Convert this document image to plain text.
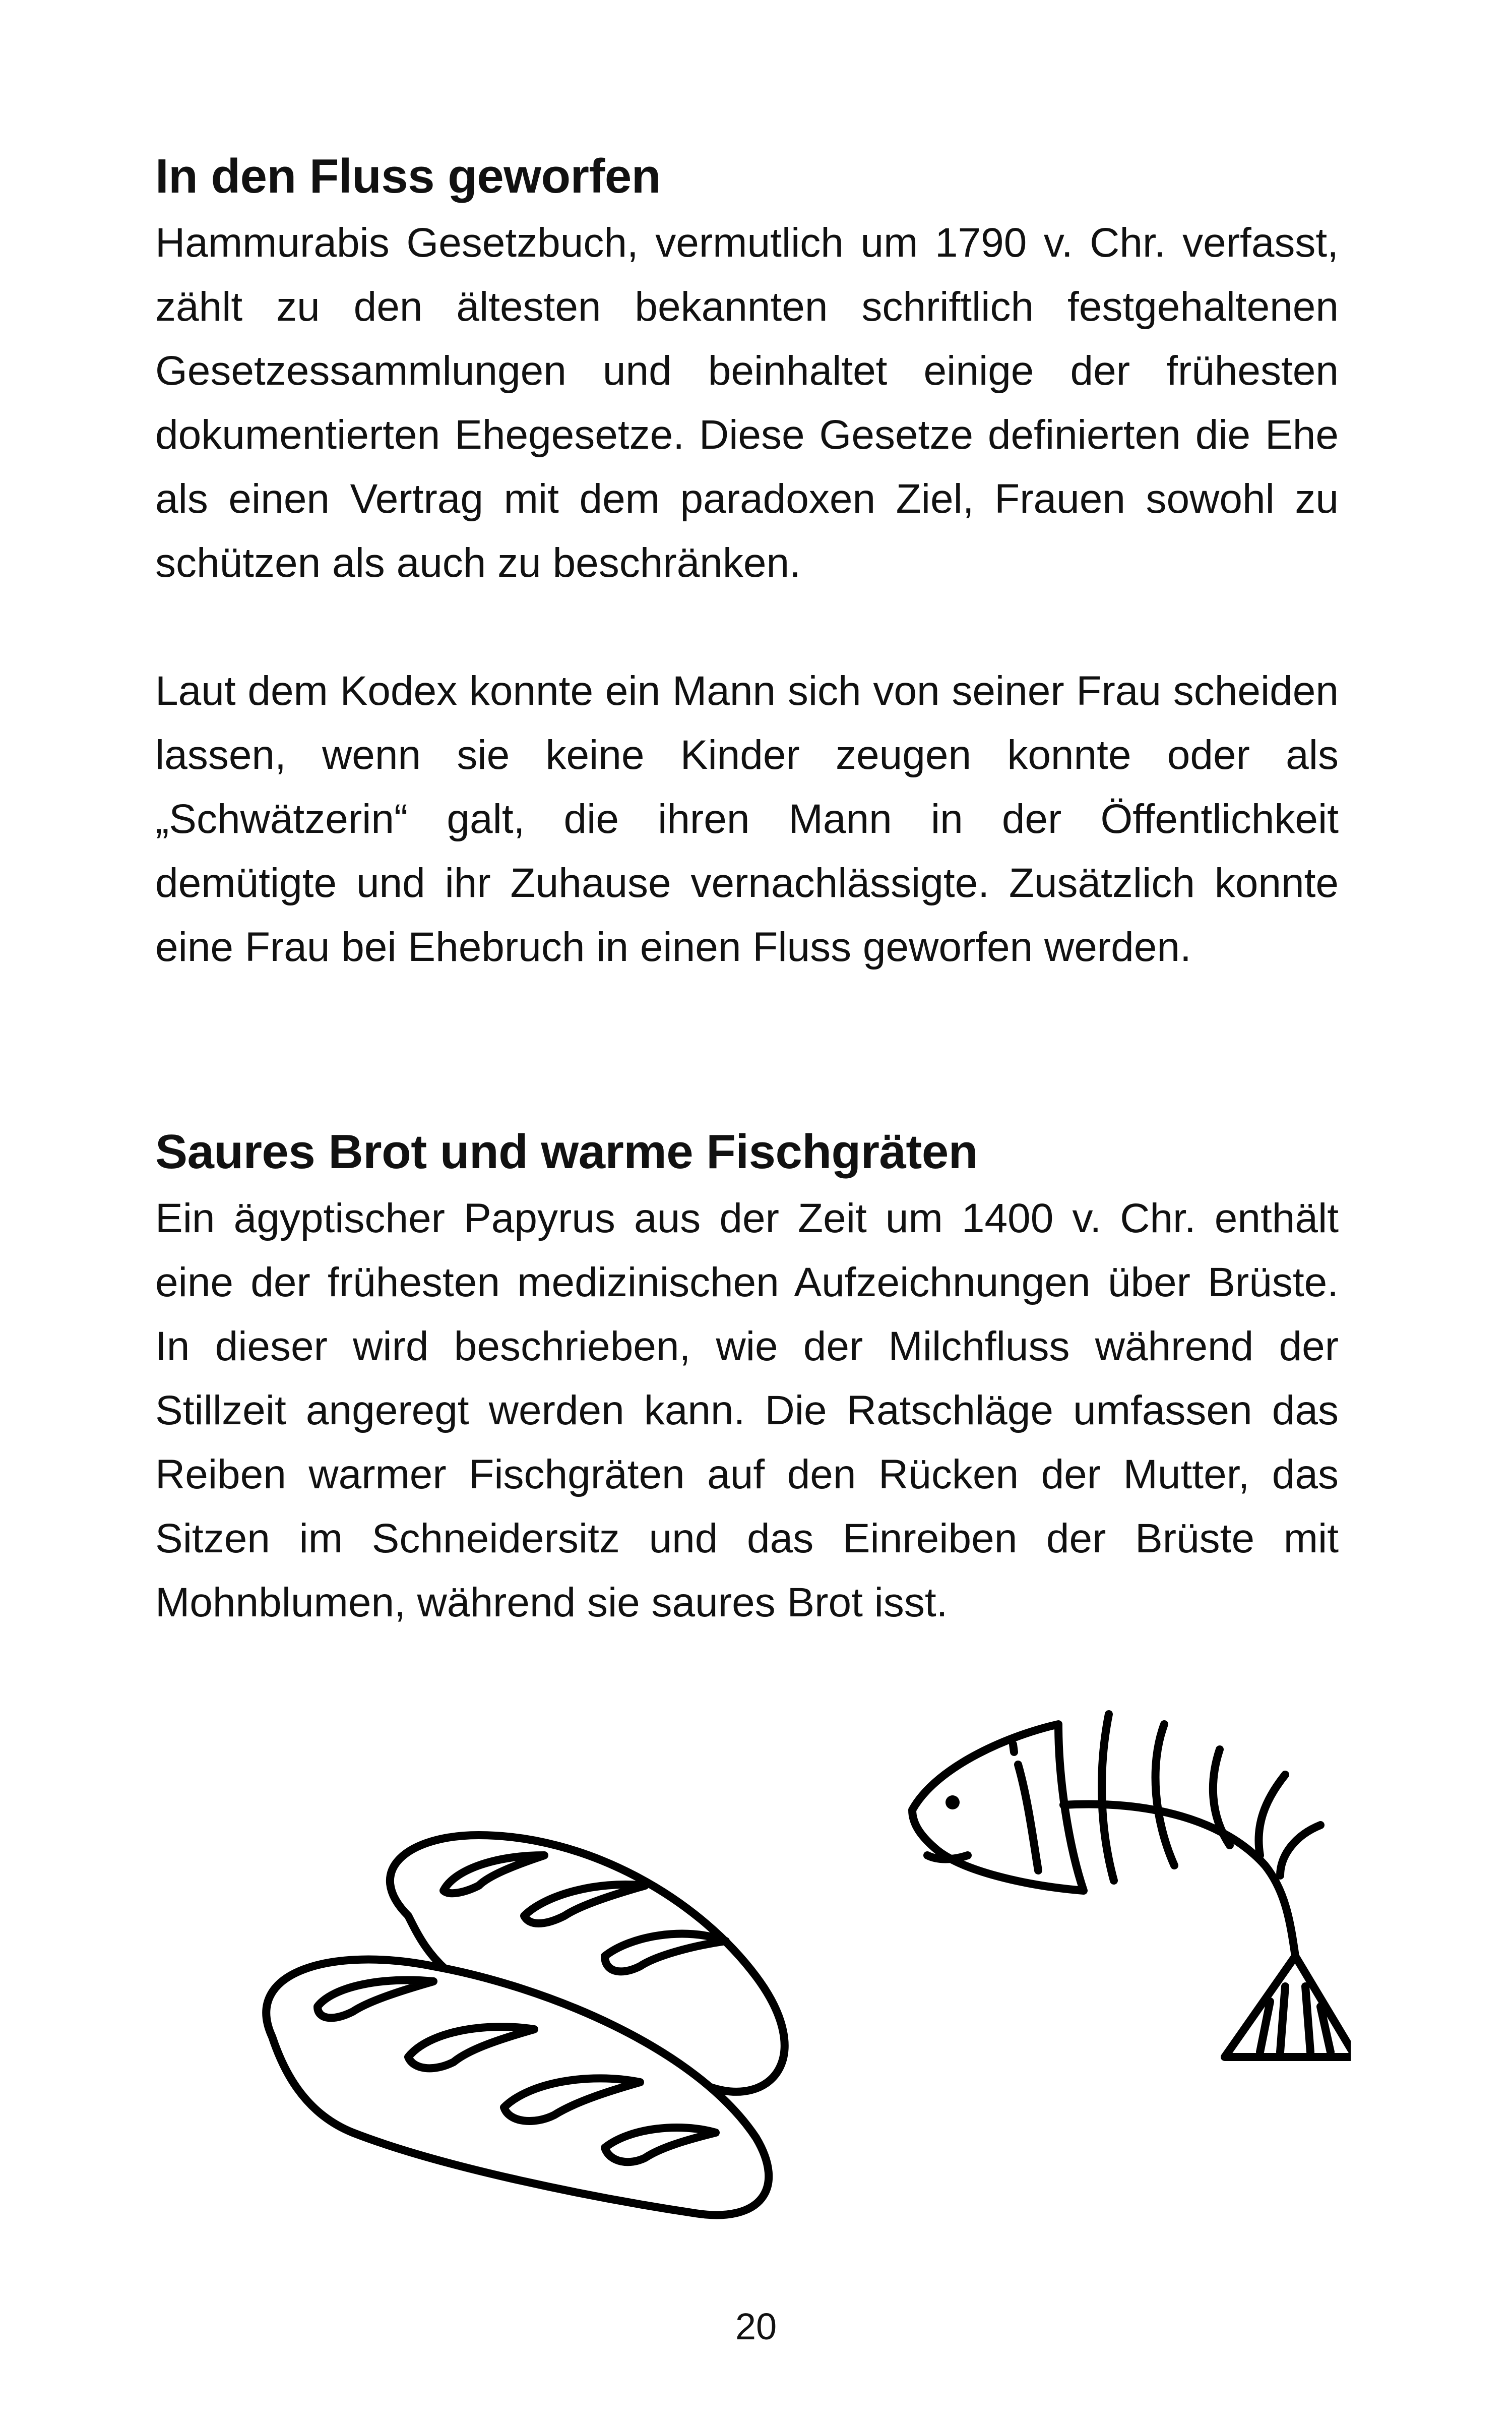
In den Fluss geworfen

Hammurabis Gesetzbuch, vermutlich um 1790 v. Chr. verfasst, zählt zu den ältesten bekannten schriftlich festgehaltenen Gesetzessammlungen und beinhaltet einige der frühesten dokumentierten Ehegesetze. Diese Gesetze definierten die Ehe als einen Vertrag mit dem paradoxen Ziel, Frauen sowohl zu schützen als auch zu beschränken.

Laut dem Kodex konnte ein Mann sich von seiner Frau scheiden lassen, wenn sie keine Kinder zeugen konnte oder als „Schwätzerin“ galt, die ihren Mann in der Öffentlichkeit demütigte und ihr Zuhause vernachlässigte. Zusätzlich konnte eine Frau bei Ehebruch in einen Fluss geworfen werden.

Saures Brot und warme Fischgräten

Ein ägyptischer Papyrus aus der Zeit um 1400 v. Chr. enthält eine der frühesten medizinischen Aufzeichnungen über Brüste. In dieser wird beschrieben, wie der Milchfluss während der Stillzeit angeregt werden kann. Die Ratschläge umfassen das Reiben warmer Fischgräten auf den Rücken der Mutter, das Sitzen im Schneidersitz und das Einreiben der Brüste mit Mohnblumen, während sie saures Brot isst.

20
